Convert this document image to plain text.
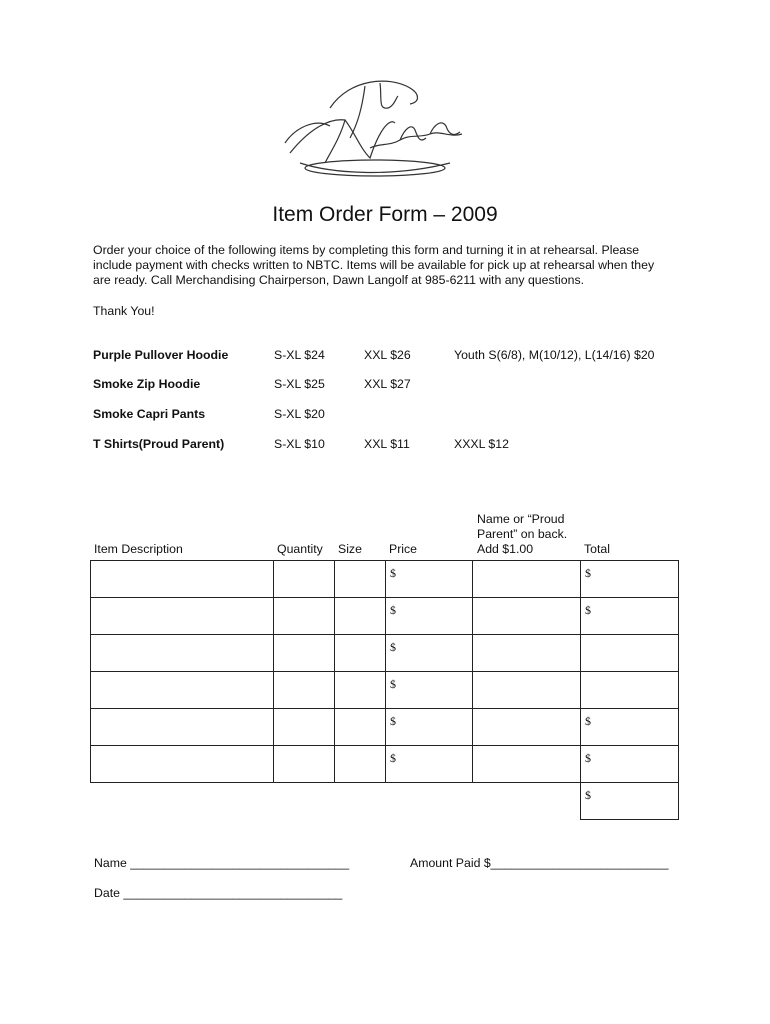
Item Order Form – 2009
Order your choice of the following items by completing this form and turning it in at rehearsal. Please
include payment with checks written to NBTC. Items will be available for pick up at rehearsal when they
are ready. Call Merchandising Chairperson, Dawn Langolf at 985-6211 with any questions.
Thank You!
Purple Pullover Hoodie	S-XL $24	XXL $26	Youth S(6/8), M(10/12), L(14/16) $20
Smoke Zip Hoodie	S-XL $25	XXL $27
Smoke Capri Pants	S-XL $20
T Shirts(Proud Parent)	S-XL $10	XXL $11	XXXL $12
Item Description	Quantity Size Price
Name or “Proud
Parent” on back.
Add $1.00	Total

			$		$

			$		$

			$		

			$		

			$		$

			$		$

					$
Name ________________________________	Amount Paid $__________________________
Date ________________________________
